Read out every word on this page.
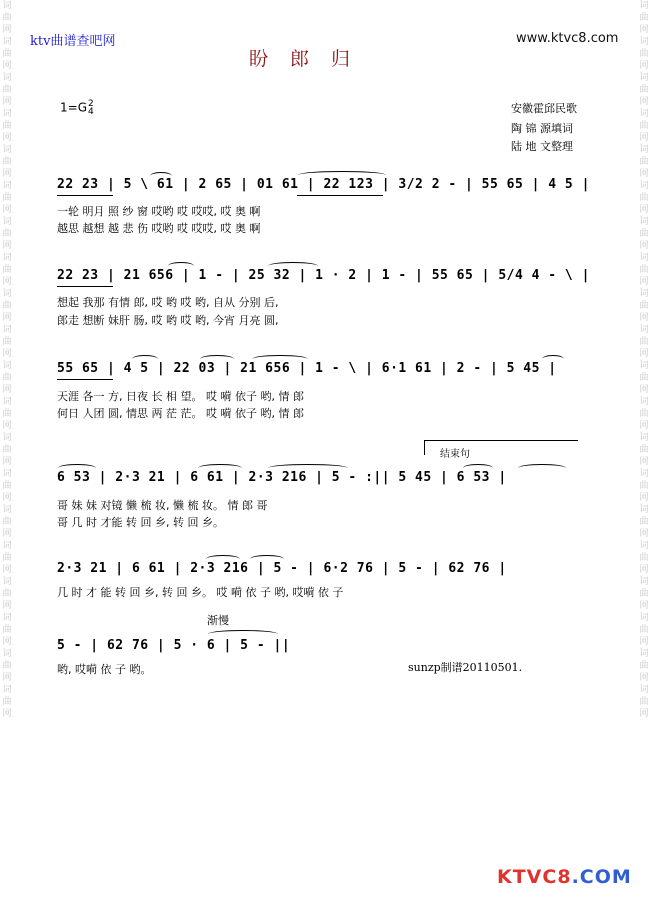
词曲网词曲网词曲网词曲网词曲网词曲网词曲网词曲网词曲网词曲网词曲网词曲网词曲网词曲网词曲网词曲网词曲网词曲网词曲网词曲网
词曲网词曲网词曲网词曲网词曲网词曲网词曲网词曲网词曲网词曲网词曲网词曲网词曲网词曲网词曲网词曲网词曲网词曲网词曲网词曲网
ktv曲谱查吧网	www.ktvc8.com
盼郎归
1=G2
4	安徽霍邱民歌
陶 锦 源填词
陆 地 文整理
22 23 | 5 \ 61 | 2 65 | 01 61 | 22 123 | 3/2 2 - | 55 65 | 4 5 |
一轮 明月 照 纱 窗 哎哟 哎 哎哎, 哎 奥 啊
越思 越想 越 悲 伤 哎哟 哎 哎哎, 哎 奥 啊
22 23 | 21 656 | 1 - | 25 32 | 1 · 2 | 1 - | 55 65 | 5/4 4 - \ |
想起 我那 有情 郎, 哎 哟 哎 哟, 自从 分别 后,
郎走 想断 妹肝 肠, 哎 哟 哎 哟, 今宵 月亮 圆,
55 65 | 4 5 | 22 03 | 21 656 | 1 - \ | 6·1 61 | 2 - | 5 45 |
天涯 各一 方, 日夜 长 相 望。 哎 嗬 依子 哟, 情 郎
何日 人团 圆, 情思 两 茫 茫。 哎 嗬 依子 哟, 情 郎
结束句
6 53 | 2·3 21 | 6 61 | 2·3 216 | 5 - :|| 5 45 | 6 53 |
哥 妹 妹 对镜 懒 梳 妆, 懒 梳 妆。 情 郎 哥
哥 几 时 才能 转 回 乡, 转 回 乡。
2·3 21 | 6 61 | 2·3 216 | 5 - | 6·2 76 | 5 - | 62 76 |
几 时 才 能 转 回 乡, 转 回 乡。 哎 嗬 依 子 哟, 哎嗬 依 子
渐慢
5 - | 62 76 | 5 · 6 | 5 - ||
哟, 哎嗬 依 子 哟。	sunzp制谱20110501.
KTVC8.COM
